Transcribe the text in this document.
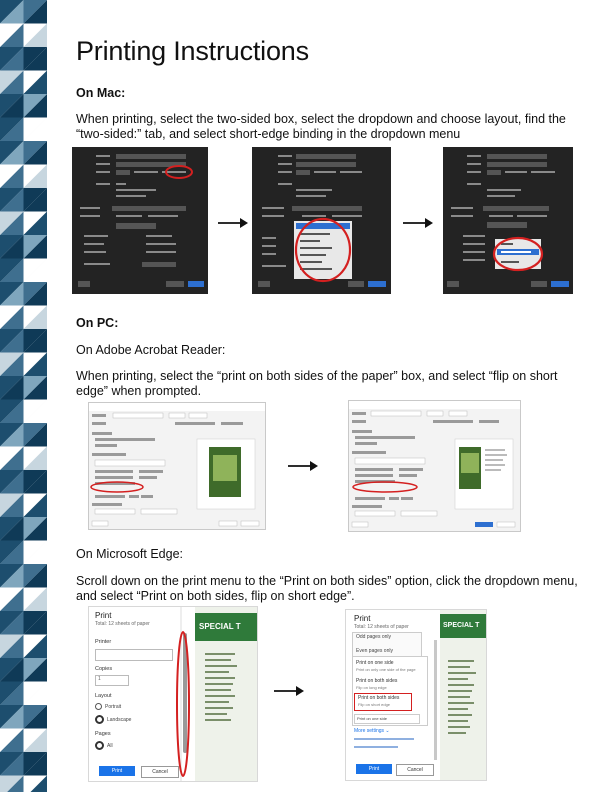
Printing Instructions
On Mac:
When printing, select the two-sided box, select the dropdown and choose layout, find the “two-sided:” tab, and select short-edge binding in the dropdown menu
On PC:
On Adobe Acrobat Reader:
When printing, select the “print on both sides of the paper” box, and select “flip on short edge” when prompted.
On Microsoft Edge:
Scroll down on the print menu to the “Print on both sides” option, click the dropdown menu, and select “Print on both sides, flip on short edge”.
Print
Total: 12 sheets of paper
Printer
Copies
1
Layout
Portrait
Landscape
Pages
All
Print	Cancel
SPECIAL T
Print
Total: 12 sheets of paper
Odd pages only
Even pages only
Print on one side
Print on only one side of the page
Print on both sides
Flip on long edge
Print on both sides
Flip on short edge
Print on one side
More settings ⌄
Print	Cancel
SPECIAL T
